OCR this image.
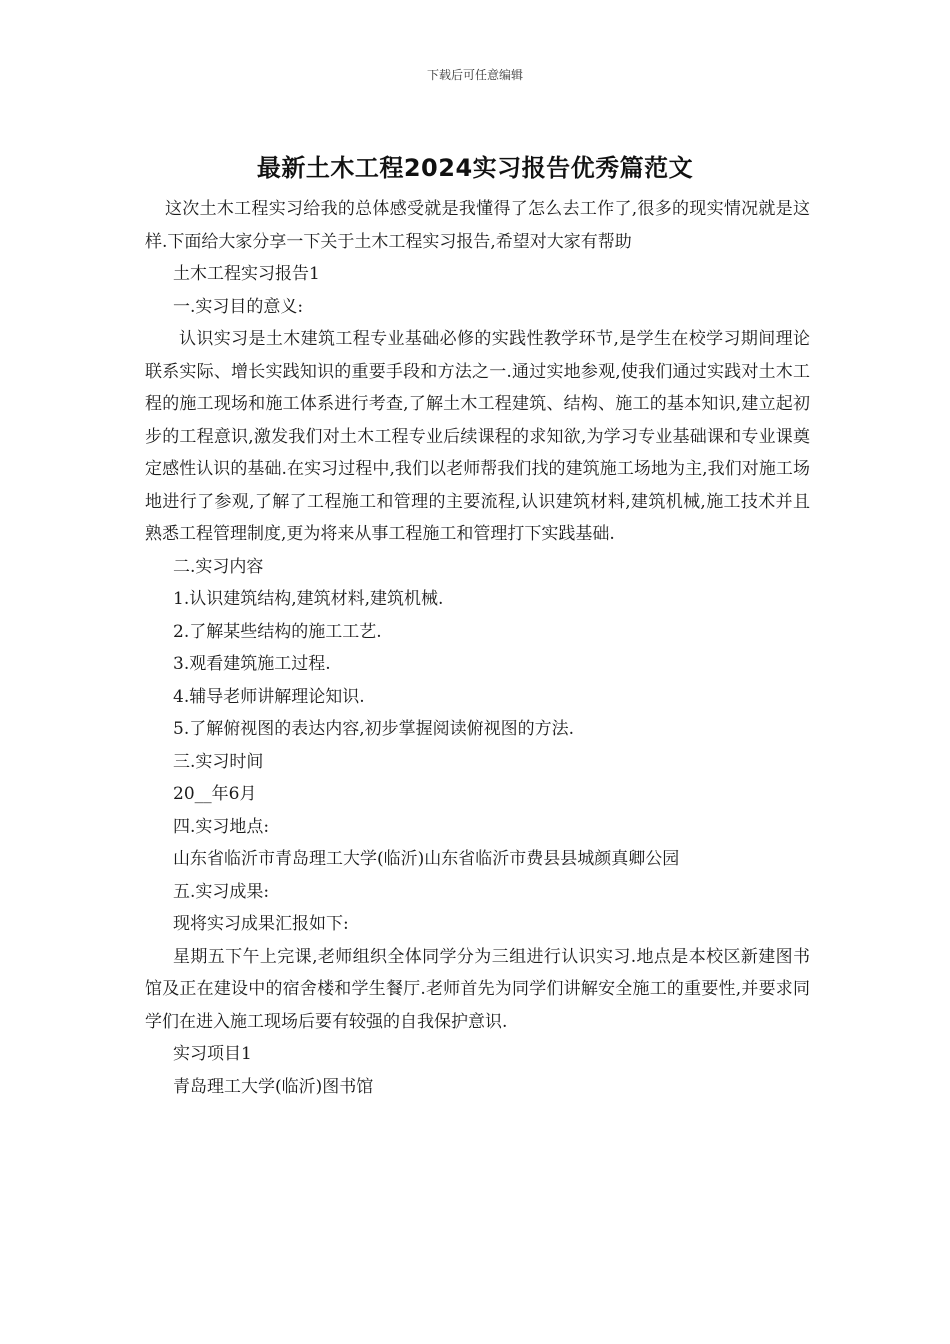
下载后可任意编辑
最新土木工程2024实习报告优秀篇范文

这次土木工程实习给我的总体感受就是我懂得了怎么去工作了,很多的现实情况就是这样.下面给大家分享一下关于土木工程实习报告,希望对大家有帮助

土木工程实习报告1

一.实习目的意义:

认识实习是土木建筑工程专业基础必修的实践性教学环节,是学生在校学习期间理论联系实际、增长实践知识的重要手段和方法之一.通过实地参观,使我们通过实践对土木工程的施工现场和施工体系进行考查,了解土木工程建筑、结构、施工的基本知识,建立起初步的工程意识,激发我们对土木工程专业后续课程的求知欲,为学习专业基础课和专业课奠定感性认识的基础.在实习过程中,我们以老师帮我们找的建筑施工场地为主,我们对施工场地进行了参观,了解了工程施工和管理的主要流程,认识建筑材料,建筑机械,施工技术并且熟悉工程管理制度,更为将来从事工程施工和管理打下实践基础.

二.实习内容

1.认识建筑结构,建筑材料,建筑机械.

2.了解某些结构的施工工艺.

3.观看建筑施工过程.

4.辅导老师讲解理论知识.

5.了解俯视图的表达内容,初步掌握阅读俯视图的方法.

三.实习时间

20__年6月

四.实习地点:

山东省临沂市青岛理工大学(临沂)山东省临沂市费县县城颜真卿公园

五.实习成果:

现将实习成果汇报如下:

星期五下午上完课,老师组织全体同学分为三组进行认识实习.地点是本校区新建图书馆及正在建设中的宿舍楼和学生餐厅.老师首先为同学们讲解安全施工的重要性,并要求同学们在进入施工现场后要有较强的自我保护意识.

实习项目1

青岛理工大学(临沂)图书馆
